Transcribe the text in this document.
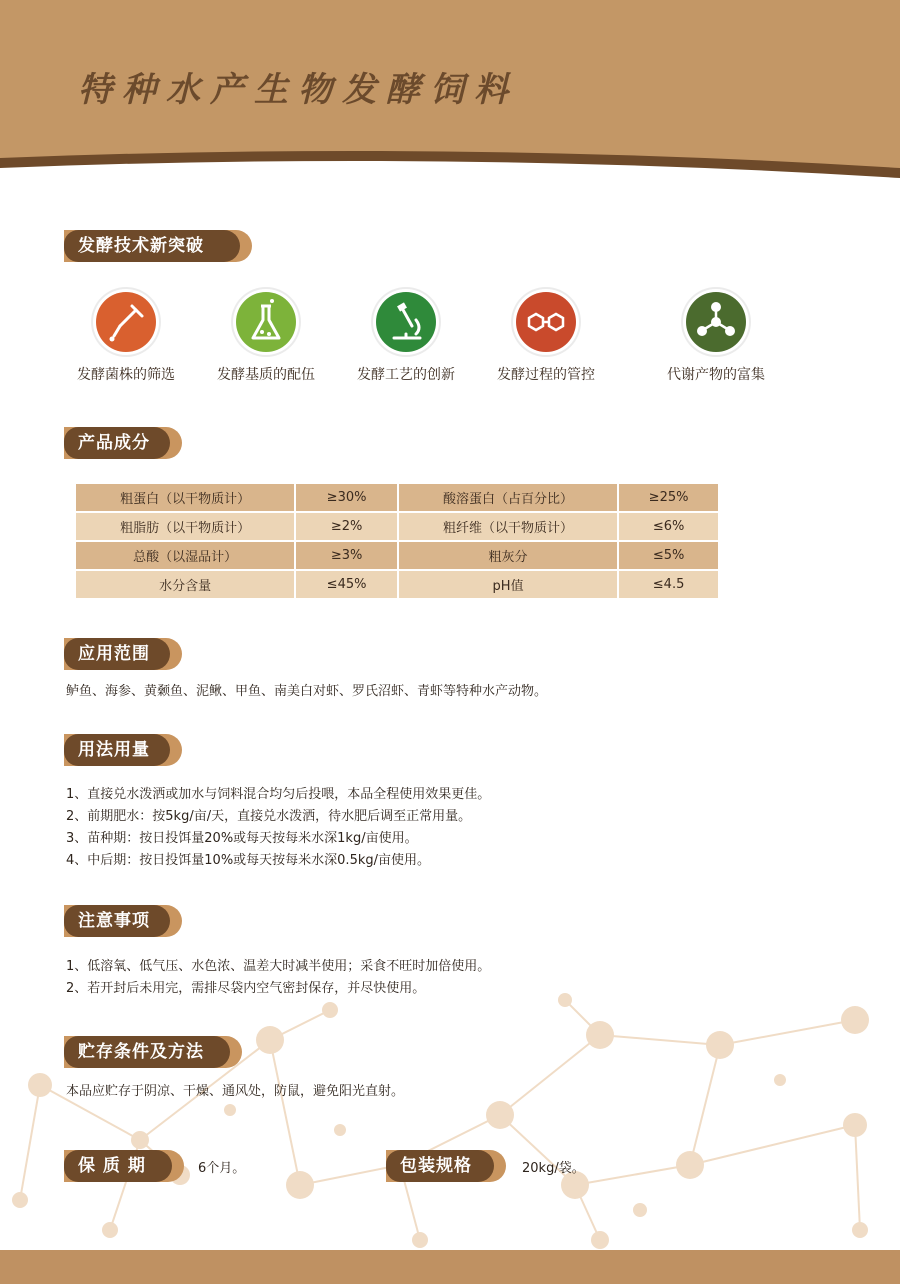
特种水产生物发酵饲料
发酵技术新突破
发酵菌株的筛选	发酵基质的配伍	发酵工艺的创新	发酵过程的管控	代谢产物的富集
产品成分
粗蛋白（以干物质计）	≥30%	酸溶蛋白（占百分比）	≥25%
粗脂肪（以干物质计）	≥2%	粗纤维（以干物质计）	≤6%
总酸（以湿品计）	≥3%	粗灰分	≤5%
水分含量	≤45%	pH值	≤4.5
应用范围
鲈鱼、海参、黄颡鱼、泥鳅、甲鱼、南美白对虾、罗氏沼虾、青虾等特种水产动物。
用法用量
1、直接兑水泼洒或加水与饲料混合均匀后投喂，本品全程使用效果更佳。
2、前期肥水：按5kg/亩/天，直接兑水泼洒，待水肥后调至正常用量。
3、苗种期：按日投饵量20%或每天按每米水深1kg/亩使用。
4、中后期：按日投饵量10%或每天按每米水深0.5kg/亩使用。
注意事项
1、低溶氧、低气压、水色浓、温差大时减半使用；采食不旺时加倍使用。
2、若开封后未用完，需排尽袋内空气密封保存，并尽快使用。
贮存条件及方法
本品应贮存于阴凉、干燥、通风处，防鼠，避免阳光直射。
保 质 期	6个月。	包装规格	20kg/袋。
